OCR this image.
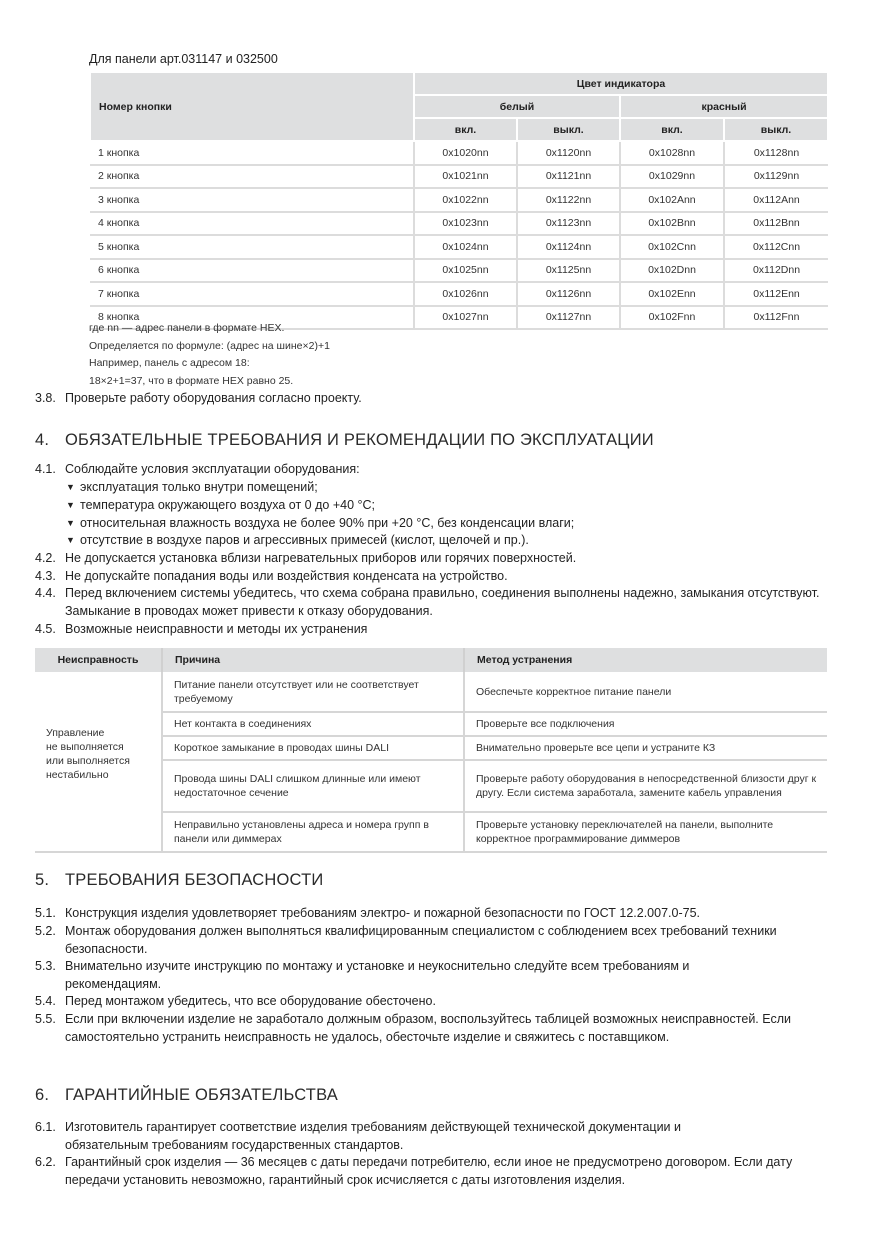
Для панели арт.031147 и 032500
Номер кнопки	Цвет индикатора			
	белый		красный	
	вкл.	выкл.	вкл.	выкл.
1 кнопка	0x1020nn	0x1120nn	0x1028nn	0x1128nn
2 кнопка	0x1021nn	0x1121nn	0x1029nn	0x1129nn
3 кнопка	0x1022nn	0x1122nn	0x102Ann	0x112Ann
4 кнопка	0x1023nn	0x1123nn	0x102Bnn	0x112Bnn
5 кнопка	0x1024nn	0x1124nn	0x102Cnn	0x112Cnn
6 кнопка	0x1025nn	0x1125nn	0x102Dnn	0x112Dnn
7 кнопка	0x1026nn	0x1126nn	0x102Enn	0x112Enn
8 кнопка	0x1027nn	0x1127nn	0x102Fnn	0x112Fnn
где nn — адрес панели в формате HEX.
Определяется по формуле: (адрес на шине×2)+1
Например, панель с адресом 18:
18×2+1=37, что в формате HEX равно 25.
3.8. Проверьте работу оборудования согласно проекту.
4. ОБЯЗАТЕЛЬНЫЕ ТРЕБОВАНИЯ И РЕКОМЕНДАЦИИ ПО ЭКСПЛУАТАЦИИ
4.1. Соблюдайте условия эксплуатации оборудования:
▼ эксплуатация только внутри помещений;
▼ температура окружающего воздуха от 0 до +40 °C;
▼ относительная влажность воздуха не более 90% при +20 °C, без конденсации влаги;
▼ отсутствие в воздухе паров и агрессивных примесей (кислот, щелочей и пр.).
4.2. Не допускается установка вблизи нагревательных приборов или горячих поверхностей.
4.3. Не допускайте попадания воды или воздействия конденсата на устройство.
4.4. Перед включением системы убедитесь, что схема собрана правильно, соединения выполнены надежно, замыкания отсутствуют. Замыкание в проводах может привести к отказу оборудования.
4.5. Возможные неисправности и методы их устранения
Неисправность	Причина	Метод устранения

Управление
не выполняется
или выполняется
нестабильно	Питание панели отсутствует или не соответствует требуемому	Обеспечьте корректное питание панели
	Нет контакта в соединениях	Проверьте все подключения
	Короткое замыкание в проводах шины DALI	Внимательно проверьте все цепи и устраните КЗ
	Провода шины DALI слишком длинные или имеют недостаточное сечение	Проверьте работу оборудования в непосредственной близости друг к другу. Если система заработала, замените кабель управления
	Неправильно установлены адреса и номера групп в панели или диммерах	Проверьте установку переключателей на панели, выполните корректное программирование диммеров
5. ТРЕБОВАНИЯ БЕЗОПАСНОСТИ
5.1. Конструкция изделия удовлетворяет требованиям электро- и пожарной безопасности по ГОСТ 12.2.007.0-75.
5.2. Монтаж оборудования должен выполняться квалифицированным специалистом с соблюдением всех требований техники безопасности.
5.3. Внимательно изучите инструкцию по монтажу и установке и неукоснительно следуйте всем требованиям и рекомендациям.
5.4. Перед монтажом убедитесь, что все оборудование обесточено.
5.5. Если при включении изделие не заработало должным образом, воспользуйтесь таблицей возможных неисправностей. Если самостоятельно устранить неисправность не удалось, обесточьте изделие и свяжитесь с поставщиком.
6. ГАРАНТИЙНЫЕ ОБЯЗАТЕЛЬСТВА
6.1. Изготовитель гарантирует соответствие изделия требованиям действующей технической документации и обязательным требованиям государственных стандартов.
6.2. Гарантийный срок изделия — 36 месяцев с даты передачи потребителю, если иное не предусмотрено договором. Если дату передачи установить невозможно, гарантийный срок исчисляется с даты изготовления изделия.
